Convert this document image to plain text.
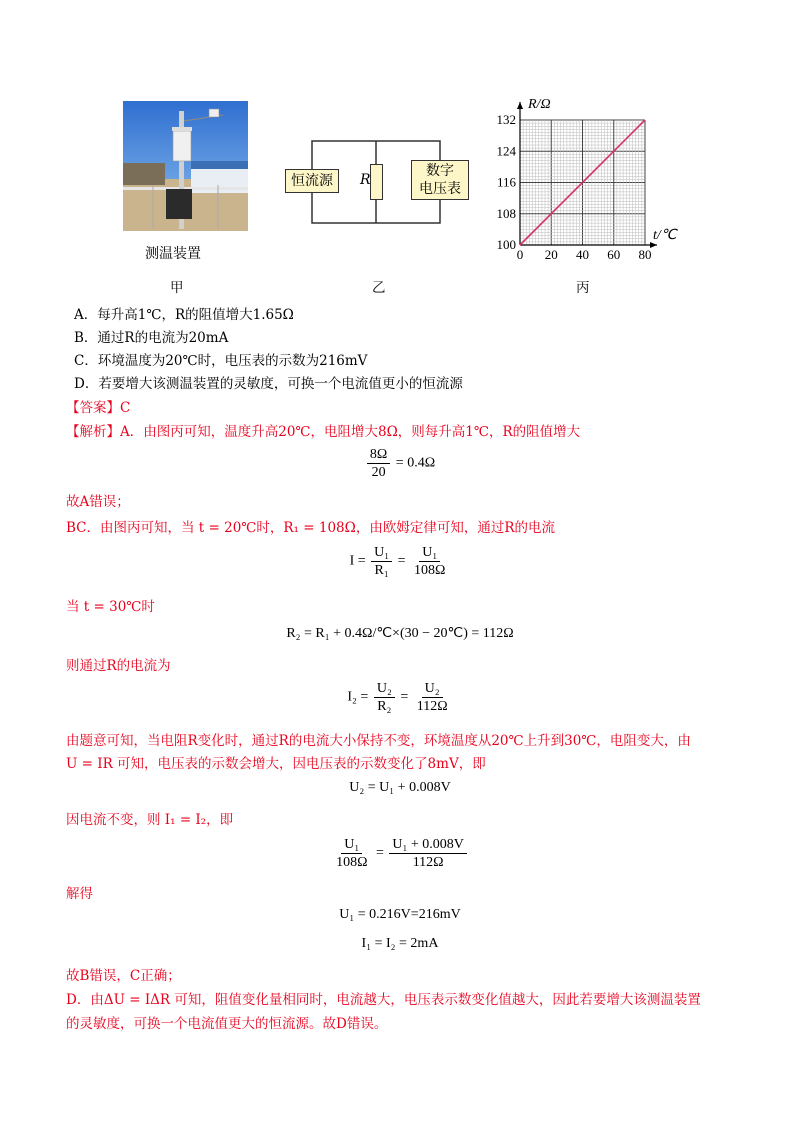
测温装置
甲
恒流源 R
数字
电压表
乙
0 20 40 60 80
100
108
116
124
132
R/Ω
t/℃
丙
A．每升高1℃，R的阻值增大1.65Ω
B．通过R的电流为20mA
C．环境温度为20℃时，电压表的示数为216mV
D．若要增大该测温装置的灵敏度，可换一个电流值更小的恒流源
【答案】C
【解析】A．由图丙可知，温度升高20℃，电阻增大8Ω，则每升高1℃，R的阻值增大
$\frac{8\Omega}{20} = 0.4\Omega$
故A错误；
BC．由图丙可知，当 t = 20℃时，R₁ = 108Ω，由欧姆定律可知，通过R的电流
$I = \frac{\text{U₁}}{\text{R₁}} = \frac{\text{U₁}}{108\Omega}$
当 t = 30℃时
R₂ = R₁ + 0.4Ω/℃×(30 − 20℃) = 112Ω
则通过R的电流为
$I_2 = \frac{\text{U₂}}{\text{R₂}} = \frac{\text{U₂}}{112\Omega}$
由题意可知，当电阻R变化时，通过R的电流大小保持不变，环境温度从20℃上升到30℃，电阻变大，由
U = IR 可知，电压表的示数会增大，因电压表的示数变化了8mV，即
U₂ = U₁ + 0.008V
因电流不变，则 I₁ = I₂，即
$\frac{\text{U₁}}{108\Omega} = \frac{\text{U₁ + 0.008V}}{112\Omega}$
解得
U₁ = 0.216V=216mV
I₁ = I₂ = 2mA
故B错误，C正确；
D．由ΔU = IΔR 可知，阻值变化量相同时，电流越大，电压表示数变化值越大，因此若要增大该测温装置
的灵敏度，可换一个电流值更大的恒流源。故D错误。
